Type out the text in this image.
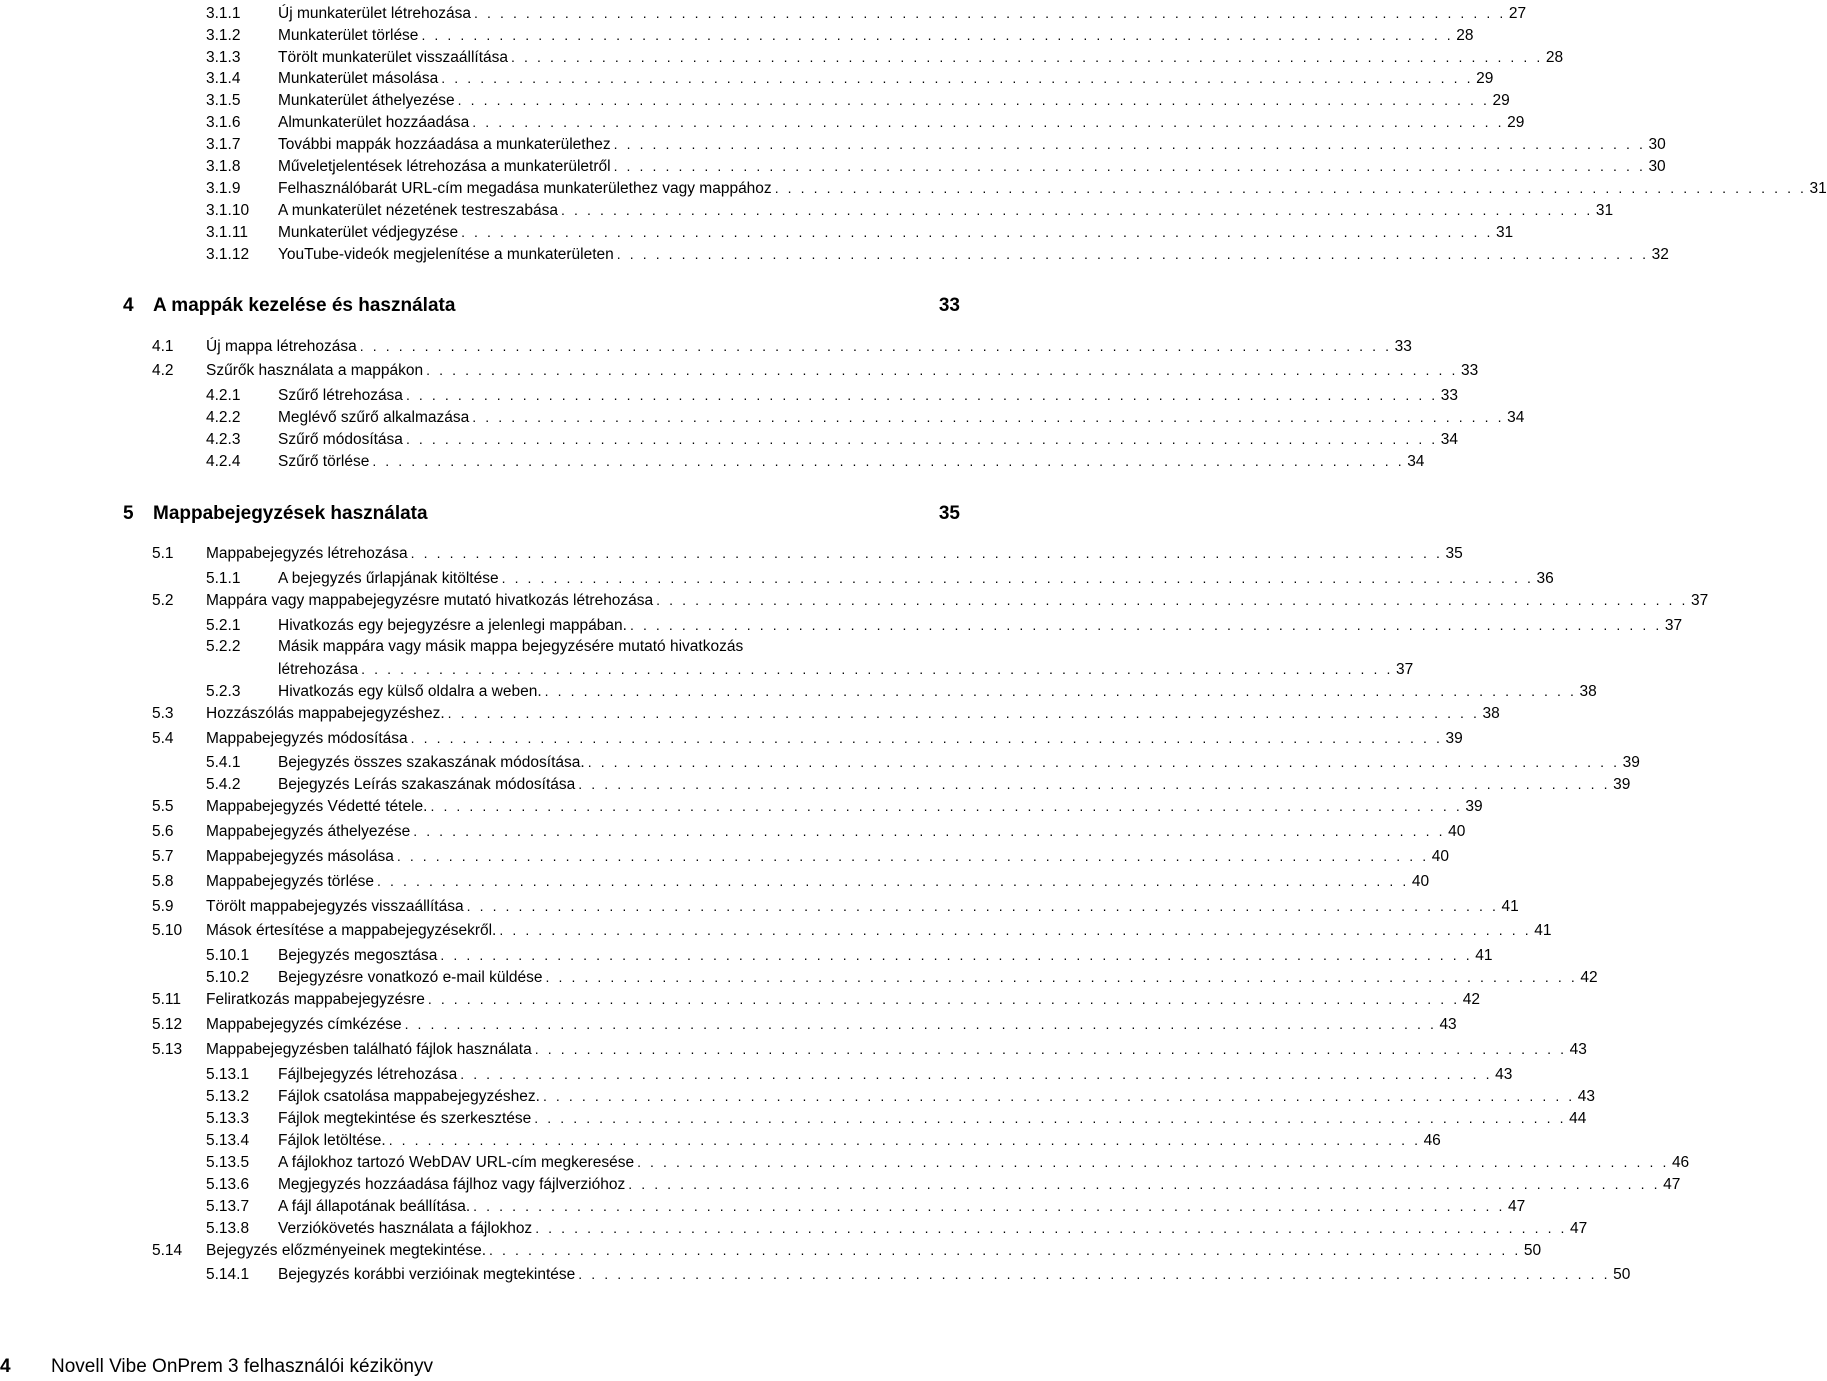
3.1.1	Új munkaterület létrehozása . . . . . . . . . . . . . . . . . . . . . . . . . . . . . . . . . . . . . . . . . . . . . . . . . . . . . . . . . . . . . . . . . . . . . . . . . . . . . . . . 27
3.1.2	Munkaterület törlése . . . . . . . . . . . . . . . . . . . . . . . . . . . . . . . . . . . . . . . . . . . . . . . . . . . . . . . . . . . . . . . . . . . . . . . . . . . . . . . . 28
3.1.3	Törölt munkaterület visszaállítása . . . . . . . . . . . . . . . . . . . . . . . . . . . . . . . . . . . . . . . . . . . . . . . . . . . . . . . . . . . . . . . . . . . . . . . . . . . . . . . . 28
3.1.4	Munkaterület másolása . . . . . . . . . . . . . . . . . . . . . . . . . . . . . . . . . . . . . . . . . . . . . . . . . . . . . . . . . . . . . . . . . . . . . . . . . . . . . . . . 29
3.1.5	Munkaterület áthelyezése . . . . . . . . . . . . . . . . . . . . . . . . . . . . . . . . . . . . . . . . . . . . . . . . . . . . . . . . . . . . . . . . . . . . . . . . . . . . . . . . 29
3.1.6	Almunkaterület hozzáadása . . . . . . . . . . . . . . . . . . . . . . . . . . . . . . . . . . . . . . . . . . . . . . . . . . . . . . . . . . . . . . . . . . . . . . . . . . . . . . . . 29
3.1.7	További mappák hozzáadása a munkaterülethez . . . . . . . . . . . . . . . . . . . . . . . . . . . . . . . . . . . . . . . . . . . . . . . . . . . . . . . . . . . . . . . . . . . . . . . . . . . . . . . . 30
3.1.8	Műveletjelentések létrehozása a munkaterületről . . . . . . . . . . . . . . . . . . . . . . . . . . . . . . . . . . . . . . . . . . . . . . . . . . . . . . . . . . . . . . . . . . . . . . . . . . . . . . . . 30
3.1.9	Felhasználóbarát URL-cím megadása munkaterülethez vagy mappához . . . . . . . . . . . . . . . . . . . . . . . . . . . . . . . . . . . . . . . . . . . . . . . . . . . . . . . . . . . . . . . . . . . . . . . . . . . . . . . . 31
3.1.10	A munkaterület nézetének testreszabása . . . . . . . . . . . . . . . . . . . . . . . . . . . . . . . . . . . . . . . . . . . . . . . . . . . . . . . . . . . . . . . . . . . . . . . . . . . . . . . . 31
3.1.11	Munkaterület védjegyzése . . . . . . . . . . . . . . . . . . . . . . . . . . . . . . . . . . . . . . . . . . . . . . . . . . . . . . . . . . . . . . . . . . . . . . . . . . . . . . . . 31
3.1.12	YouTube-videók megjelenítése a munkaterületen . . . . . . . . . . . . . . . . . . . . . . . . . . . . . . . . . . . . . . . . . . . . . . . . . . . . . . . . . . . . . . . . . . . . . . . . . . . . . . . . 32
4	A mappák kezelése és használata	33
4.1	Új mappa létrehozása . . . . . . . . . . . . . . . . . . . . . . . . . . . . . . . . . . . . . . . . . . . . . . . . . . . . . . . . . . . . . . . . . . . . . . . . . . . . . . . . 33
4.2	Szűrők használata a mappákon . . . . . . . . . . . . . . . . . . . . . . . . . . . . . . . . . . . . . . . . . . . . . . . . . . . . . . . . . . . . . . . . . . . . . . . . . . . . . . . . 33
4.2.1	Szűrő létrehozása . . . . . . . . . . . . . . . . . . . . . . . . . . . . . . . . . . . . . . . . . . . . . . . . . . . . . . . . . . . . . . . . . . . . . . . . . . . . . . . . 33
4.2.2	Meglévő szűrő alkalmazása . . . . . . . . . . . . . . . . . . . . . . . . . . . . . . . . . . . . . . . . . . . . . . . . . . . . . . . . . . . . . . . . . . . . . . . . . . . . . . . . 34
4.2.3	Szűrő módosítása . . . . . . . . . . . . . . . . . . . . . . . . . . . . . . . . . . . . . . . . . . . . . . . . . . . . . . . . . . . . . . . . . . . . . . . . . . . . . . . . 34
4.2.4	Szűrő törlése . . . . . . . . . . . . . . . . . . . . . . . . . . . . . . . . . . . . . . . . . . . . . . . . . . . . . . . . . . . . . . . . . . . . . . . . . . . . . . . . 34
5	Mappabejegyzések használata	35
5.1	Mappabejegyzés létrehozása . . . . . . . . . . . . . . . . . . . . . . . . . . . . . . . . . . . . . . . . . . . . . . . . . . . . . . . . . . . . . . . . . . . . . . . . . . . . . . . . 35
5.1.1	A bejegyzés űrlapjának kitöltése . . . . . . . . . . . . . . . . . . . . . . . . . . . . . . . . . . . . . . . . . . . . . . . . . . . . . . . . . . . . . . . . . . . . . . . . . . . . . . . . 36
5.2	Mappára vagy mappabejegyzésre mutató hivatkozás létrehozása . . . . . . . . . . . . . . . . . . . . . . . . . . . . . . . . . . . . . . . . . . . . . . . . . . . . . . . . . . . . . . . . . . . . . . . . . . . . . . . . 37
5.2.1	Hivatkozás egy bejegyzésre a jelenlegi mappában. . . . . . . . . . . . . . . . . . . . . . . . . . . . . . . . . . . . . . . . . . . . . . . . . . . . . . . . . . . . . . . . . . . . . . . . . . . . . . . . . 37
5.2.2	Másik mappára vagy másik mappa bejegyzésére mutató hivatkozás
létrehozása . . . . . . . . . . . . . . . . . . . . . . . . . . . . . . . . . . . . . . . . . . . . . . . . . . . . . . . . . . . . . . . . . . . . . . . . . . . . . . . . 37
5.2.3	Hivatkozás egy külső oldalra a weben. . . . . . . . . . . . . . . . . . . . . . . . . . . . . . . . . . . . . . . . . . . . . . . . . . . . . . . . . . . . . . . . . . . . . . . . . . . . . . . . . 38
5.3	Hozzászólás mappabejegyzéshez. . . . . . . . . . . . . . . . . . . . . . . . . . . . . . . . . . . . . . . . . . . . . . . . . . . . . . . . . . . . . . . . . . . . . . . . . . . . . . . . . 38
5.4	Mappabejegyzés módosítása . . . . . . . . . . . . . . . . . . . . . . . . . . . . . . . . . . . . . . . . . . . . . . . . . . . . . . . . . . . . . . . . . . . . . . . . . . . . . . . . 39
5.4.1	Bejegyzés összes szakaszának módosítása. . . . . . . . . . . . . . . . . . . . . . . . . . . . . . . . . . . . . . . . . . . . . . . . . . . . . . . . . . . . . . . . . . . . . . . . . . . . . . . . . 39
5.4.2	Bejegyzés Leírás szakaszának módosítása . . . . . . . . . . . . . . . . . . . . . . . . . . . . . . . . . . . . . . . . . . . . . . . . . . . . . . . . . . . . . . . . . . . . . . . . . . . . . . . . 39
5.5	Mappabejegyzés Védetté tétele. . . . . . . . . . . . . . . . . . . . . . . . . . . . . . . . . . . . . . . . . . . . . . . . . . . . . . . . . . . . . . . . . . . . . . . . . . . . . . . . . 39
5.6	Mappabejegyzés áthelyezése . . . . . . . . . . . . . . . . . . . . . . . . . . . . . . . . . . . . . . . . . . . . . . . . . . . . . . . . . . . . . . . . . . . . . . . . . . . . . . . . 40
5.7	Mappabejegyzés másolása . . . . . . . . . . . . . . . . . . . . . . . . . . . . . . . . . . . . . . . . . . . . . . . . . . . . . . . . . . . . . . . . . . . . . . . . . . . . . . . . 40
5.8	Mappabejegyzés törlése . . . . . . . . . . . . . . . . . . . . . . . . . . . . . . . . . . . . . . . . . . . . . . . . . . . . . . . . . . . . . . . . . . . . . . . . . . . . . . . . 40
5.9	Törölt mappabejegyzés visszaállítása . . . . . . . . . . . . . . . . . . . . . . . . . . . . . . . . . . . . . . . . . . . . . . . . . . . . . . . . . . . . . . . . . . . . . . . . . . . . . . . . 41
5.10	Mások értesítése a mappabejegyzésekről. . . . . . . . . . . . . . . . . . . . . . . . . . . . . . . . . . . . . . . . . . . . . . . . . . . . . . . . . . . . . . . . . . . . . . . . . . . . . . . . . 41
5.10.1	Bejegyzés megosztása . . . . . . . . . . . . . . . . . . . . . . . . . . . . . . . . . . . . . . . . . . . . . . . . . . . . . . . . . . . . . . . . . . . . . . . . . . . . . . . . 41
5.10.2	Bejegyzésre vonatkozó e-mail küldése . . . . . . . . . . . . . . . . . . . . . . . . . . . . . . . . . . . . . . . . . . . . . . . . . . . . . . . . . . . . . . . . . . . . . . . . . . . . . . . . 42
5.11	Feliratkozás mappabejegyzésre . . . . . . . . . . . . . . . . . . . . . . . . . . . . . . . . . . . . . . . . . . . . . . . . . . . . . . . . . . . . . . . . . . . . . . . . . . . . . . . . 42
5.12	Mappabejegyzés címkézése . . . . . . . . . . . . . . . . . . . . . . . . . . . . . . . . . . . . . . . . . . . . . . . . . . . . . . . . . . . . . . . . . . . . . . . . . . . . . . . . 43
5.13	Mappabejegyzésben található fájlok használata . . . . . . . . . . . . . . . . . . . . . . . . . . . . . . . . . . . . . . . . . . . . . . . . . . . . . . . . . . . . . . . . . . . . . . . . . . . . . . . . 43
5.13.1	Fájlbejegyzés létrehozása . . . . . . . . . . . . . . . . . . . . . . . . . . . . . . . . . . . . . . . . . . . . . . . . . . . . . . . . . . . . . . . . . . . . . . . . . . . . . . . . 43
5.13.2	Fájlok csatolása mappabejegyzéshez. . . . . . . . . . . . . . . . . . . . . . . . . . . . . . . . . . . . . . . . . . . . . . . . . . . . . . . . . . . . . . . . . . . . . . . . . . . . . . . . . 43
5.13.3	Fájlok megtekintése és szerkesztése . . . . . . . . . . . . . . . . . . . . . . . . . . . . . . . . . . . . . . . . . . . . . . . . . . . . . . . . . . . . . . . . . . . . . . . . . . . . . . . . 44
5.13.4	Fájlok letöltése. . . . . . . . . . . . . . . . . . . . . . . . . . . . . . . . . . . . . . . . . . . . . . . . . . . . . . . . . . . . . . . . . . . . . . . . . . . . . . . . . 46
5.13.5	A fájlokhoz tartozó WebDAV URL-cím megkeresése . . . . . . . . . . . . . . . . . . . . . . . . . . . . . . . . . . . . . . . . . . . . . . . . . . . . . . . . . . . . . . . . . . . . . . . . . . . . . . . . 46
5.13.6	Megjegyzés hozzáadása fájlhoz vagy fájlverzióhoz . . . . . . . . . . . . . . . . . . . . . . . . . . . . . . . . . . . . . . . . . . . . . . . . . . . . . . . . . . . . . . . . . . . . . . . . . . . . . . . . 47
5.13.7	A fájl állapotának beállítása. . . . . . . . . . . . . . . . . . . . . . . . . . . . . . . . . . . . . . . . . . . . . . . . . . . . . . . . . . . . . . . . . . . . . . . . . . . . . . . . . 47
5.13.8	Verziókövetés használata a fájlokhoz . . . . . . . . . . . . . . . . . . . . . . . . . . . . . . . . . . . . . . . . . . . . . . . . . . . . . . . . . . . . . . . . . . . . . . . . . . . . . . . . 47
5.14	Bejegyzés előzményeinek megtekintése. . . . . . . . . . . . . . . . . . . . . . . . . . . . . . . . . . . . . . . . . . . . . . . . . . . . . . . . . . . . . . . . . . . . . . . . . . . . . . . . . 50
5.14.1	Bejegyzés korábbi verzióinak megtekintése . . . . . . . . . . . . . . . . . . . . . . . . . . . . . . . . . . . . . . . . . . . . . . . . . . . . . . . . . . . . . . . . . . . . . . . . . . . . . . . . 50
4 Novell Vibe OnPrem 3 felhasználói kézikönyv
